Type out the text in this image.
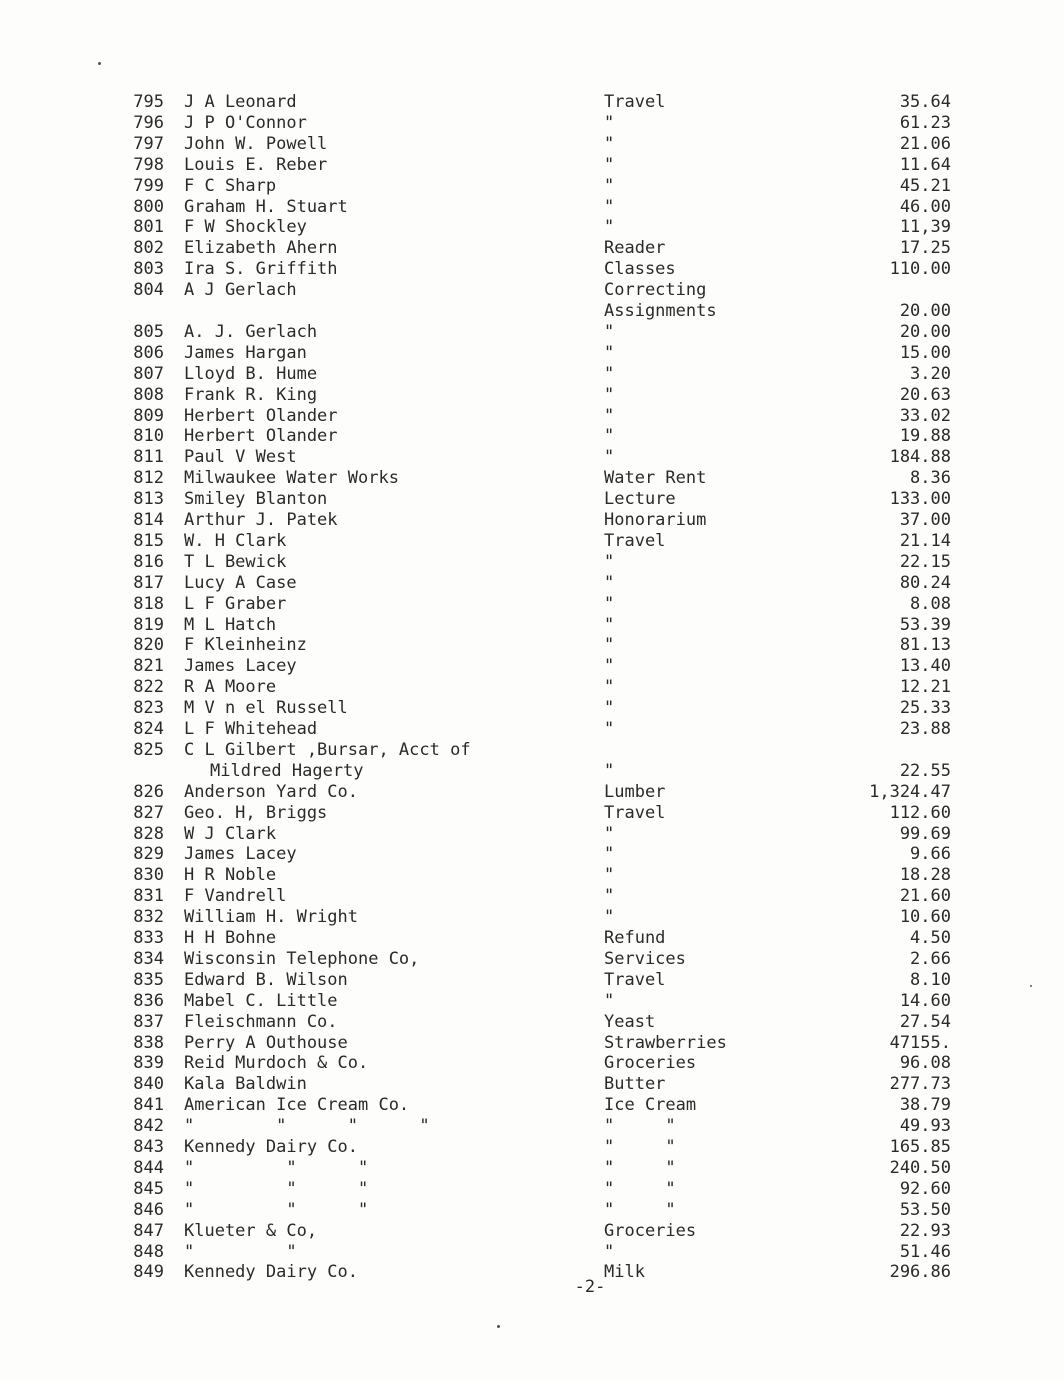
795 J A Leonard	Travel	35.64
796 J P O'Connor	"	61.23
797 John W. Powell	"	21.06
798 Louis E. Reber	"	11.64
799 F C Sharp	"	45.21
800 Graham H. Stuart	"	46.00
801 F W Shockley	"	11,39
802 Elizabeth Ahern	Reader	17.25
803 Ira S. Griffith	Classes	110.00
804 A J Gerlach	Correcting
Assignments	20.00
805 A. J. Gerlach	"	20.00
806 James Hargan	"	15.00
807 Lloyd B. Hume	"	3.20
808 Frank R. King	"	20.63
809 Herbert Olander	"	33.02
810 Herbert Olander	"	19.88
811 Paul V West	"	184.88
812 Milwaukee Water Works	Water Rent	8.36
813 Smiley Blanton	Lecture	133.00
814 Arthur J. Patek	Honorarium	37.00
815 W. H Clark	Travel	21.14
816 T L Bewick	"	22.15
817 Lucy A Case	"	80.24
818 L F Graber	"	8.08
819 M L Hatch	"	53.39
820 F Kleinheinz	"	81.13
821 James Lacey	"	13.40
822 R A Moore	"	12.21
823 M V n el Russell	"	25.33
824 L F Whitehead	"	23.88
825 C L Gilbert ,Bursar, Acct of
Mildred Hagerty	"	22.55
826 Anderson Yard Co.	Lumber	1,324.47
827 Geo. H, Briggs	Travel	112.60
828 W J Clark	"	99.69
829 James Lacey	"	9.66
830 H R Noble	"	18.28
831 F Vandrell	"	21.60
832 William H. Wright	"	10.60
833 H H Bohne	Refund	4.50
834 Wisconsin Telephone Co,	Services	2.66
835 Edward B. Wilson	Travel	8.10
836 Mabel C. Little	"	14.60
837 Fleischmann Co.	Yeast	27.54
838 Perry A Outhouse	Strawberries	47155.
839 Reid Murdoch & Co.	Groceries	96.08
840 Kala Baldwin	Butter	277.73
841 American Ice Cream Co.	Ice Cream	38.79
842 "        "      "      "	"     "	49.93
843 Kennedy Dairy Co.	"     "	165.85
844 "         "      "	"     "	240.50
845 "         "      "	"     "	92.60
846 "         "      "	"     "	53.50
847 Klueter & Co,	Groceries	22.93
848 "         "	"	51.46
849 Kennedy Dairy Co.	Milk	296.86
-2-
